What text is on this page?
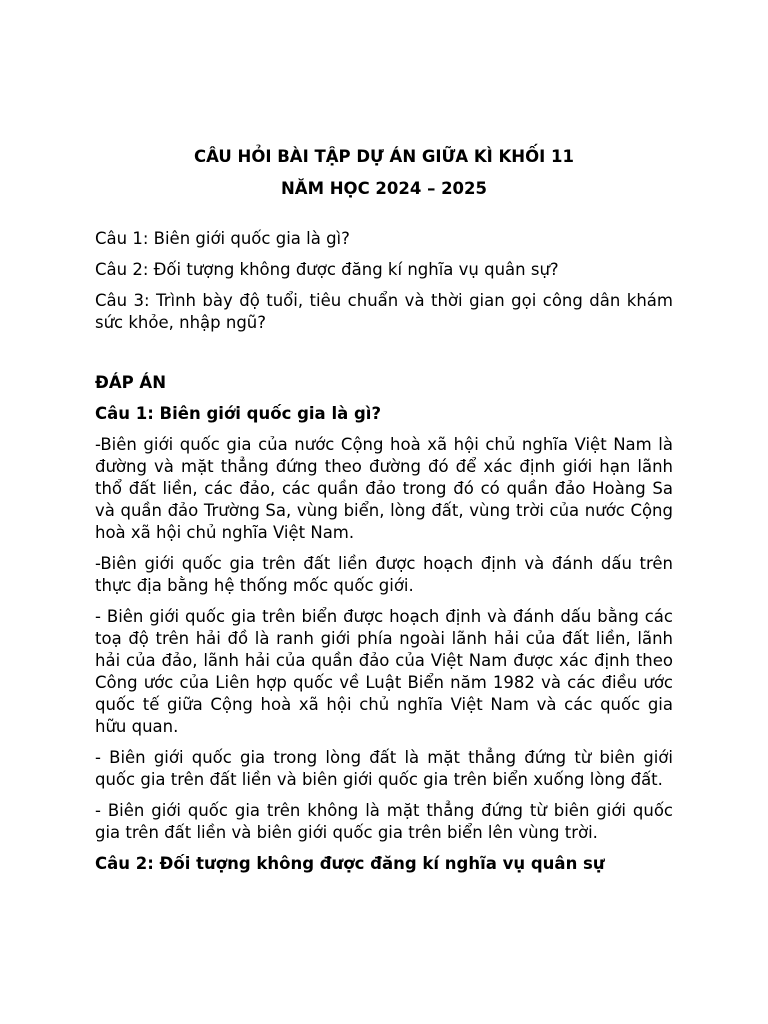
CÂU HỎI BÀI TẬP DỰ ÁN GIỮA KÌ KHỐI 11

NĂM HỌC 2024 – 2025

Câu 1: Biên giới quốc gia là gì?

Câu 2: Đối tượng không được đăng kí nghĩa vụ quân sự?

Câu 3: Trình bày độ tuổi, tiêu chuẩn và thời gian gọi công dân khám sức khỏe, nhập ngũ?

ĐÁP ÁN

Câu 1: Biên giới quốc gia là gì?

-Biên giới quốc gia của nước Cộng hoà xã hội chủ nghĩa Việt Nam là đường và mặt thẳng đứng theo đường đó để xác định giới hạn lãnh thổ đất liền, các đảo, các quần đảo trong đó có quần đảo Hoàng Sa và quần đảo Trường Sa, vùng biển, lòng đất, vùng trời của nước Cộng hoà xã hội chủ nghĩa Việt Nam.

-Biên giới quốc gia trên đất liền được hoạch định và đánh dấu trên thực địa bằng hệ thống mốc quốc giới.

- Biên giới quốc gia trên biển được hoạch định và đánh dấu bằng các toạ độ trên hải đồ là ranh giới phía ngoài lãnh hải của đất liền, lãnh hải của đảo, lãnh hải của quần đảo của Việt Nam được xác định theo Công ước của Liên hợp quốc về Luật Biển năm 1982 và các điều ước quốc tế giữa Cộng hoà xã hội chủ nghĩa Việt Nam và các quốc gia hữu quan.

- Biên giới quốc gia trong lòng đất là mặt thẳng đứng từ biên giới quốc gia trên đất liền và biên giới quốc gia trên biển xuống lòng đất.

- Biên giới quốc gia trên không là mặt thẳng đứng từ biên giới quốc gia trên đất liền và biên giới quốc gia trên biển lên vùng trời.

Câu 2: Đối tượng không được đăng kí nghĩa vụ quân sự
